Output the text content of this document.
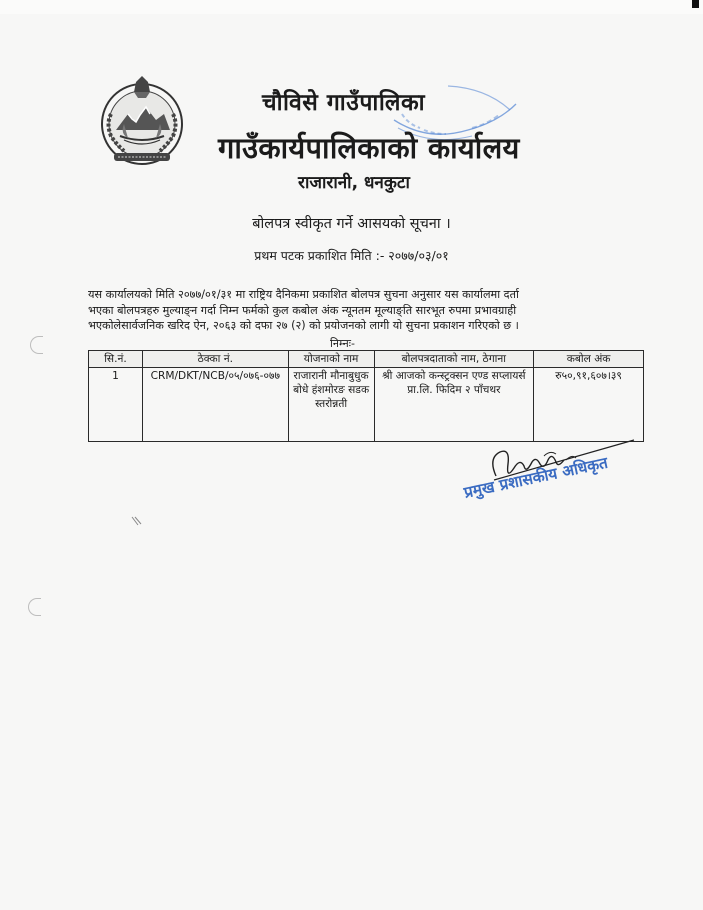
चौविसे गाउँपालिका
गाउँकार्यपालिकाको कार्यालय
राजारानी, धनकुटा
बोलपत्र स्वीकृत गर्ने आसयको सूचना ।
प्रथम पटक प्रकाशित मिति :- २०७७/०३/०१
यस कार्यालयको मिति २०७७/०१/३१ मा राष्ट्रिय दैनिकमा प्रकाशित बोलपत्र सुचना अनुसार यस कार्यालमा दर्ता
भएका बोलपत्रहरु मुल्याङ्न गर्दा निम्न फर्मको कुल कबोल अंक न्यूनतम मूल्याङ्ति सारभूत रुपमा प्रभावग्राही
भएकोलेसार्वजनिक खरिद ऐन, २०६३ को दफा २७ (२) को प्रयोजनको लागी यो सुचना प्रकाशन गरिएको छ ।
निम्नः-
सि.नं.	ठेक्का नं.	योजनाको नाम	बोलपत्रदाताको नाम, ठेगाना	कबोल अंक
1	CRM/DKT/NCB/०५/०७६-०७७	राजारानी मौनाबुधुक बोधे हंशमोरङ सडक स्तरोन्नती	श्री आजको कन्स्ट्रक्सन एण्ड सप्लायर्स प्रा.लि. फिदिम २ पाँचथर	रु५०,९१,६०७।३९
प्रमुख प्रशासकीय अधिकृत
